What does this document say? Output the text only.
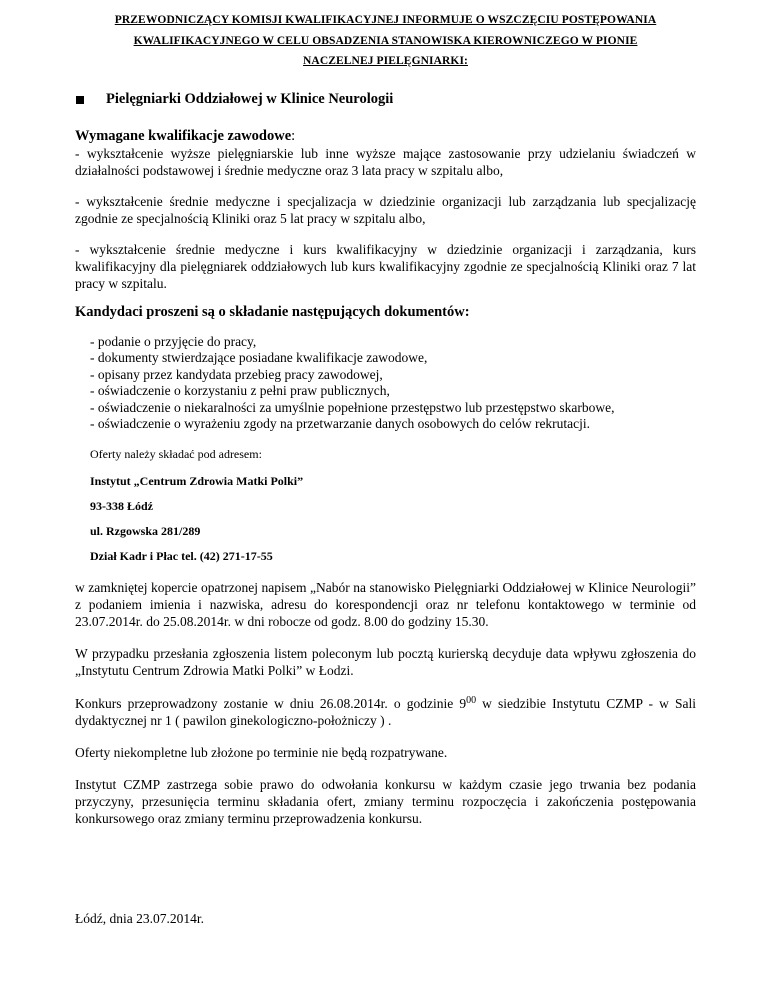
PRZEWODNICZĄCY KOMISJI KWALIFIKACYJNEJ INFORMUJE O WSZCZĘCIU POSTĘPOWANIA
KWALIFIKACYJNEGO W CELU OBSADZENIA STANOWISKA KIEROWNICZEGO W PIONIE
NACZELNEJ PIELĘGNIARKI:
Pielęgniarki Oddziałowej w Klinice Neurologii
Wymagane kwalifikacje zawodowe:
- wykształcenie wyższe pielęgniarskie lub inne wyższe mające zastosowanie przy udzielaniu świadczeń w działalności podstawowej i średnie medyczne oraz 3 lata pracy w szpitalu albo,
- wykształcenie średnie medyczne i specjalizacja w dziedzinie organizacji lub zarządzania lub specjalizację zgodnie ze specjalnością Kliniki oraz 5 lat pracy w szpitalu albo,
- wykształcenie średnie medyczne i kurs kwalifikacyjny w dziedzinie organizacji i zarządzania, kurs kwalifikacyjny dla pielęgniarek oddziałowych lub kurs kwalifikacyjny zgodnie ze specjalnością Kliniki oraz 7 lat pracy w szpitalu.
Kandydaci proszeni są o składanie następujących dokumentów:
- podanie o przyjęcie do pracy,
- dokumenty stwierdzające posiadane kwalifikacje zawodowe,
- opisany przez kandydata przebieg pracy zawodowej,
- oświadczenie o korzystaniu z pełni praw publicznych,
- oświadczenie o niekaralności za umyślnie popełnione przestępstwo lub przestępstwo skarbowe,
- oświadczenie o wyrażeniu zgody na przetwarzanie danych osobowych do celów rekrutacji.
Oferty należy składać pod adresem:
Instytut „Centrum Zdrowia Matki Polki”
93-338 Łódź
ul. Rzgowska 281/289
Dział Kadr i Płac tel. (42) 271-17-55
w zamkniętej kopercie opatrzonej napisem „Nabór na stanowisko Pielęgniarki Oddziałowej w Klinice Neurologii” z podaniem imienia i nazwiska, adresu do korespondencji oraz nr telefonu kontaktowego w terminie od 23.07.2014r. do 25.08.2014r. w dni robocze od godz. 8.00 do godziny 15.30.
W przypadku przesłania zgłoszenia listem poleconym lub pocztą kurierską decyduje data wpływu zgłoszenia do „Instytutu Centrum Zdrowia Matki Polki” w Łodzi.
Konkurs przeprowadzony zostanie w dniu 26.08.2014r. o godzinie $9^{00}$ w siedzibie Instytutu CZMP - w Sali dydaktycznej nr 1 ( pawilon ginekologiczno-położniczy ) .
Oferty niekompletne lub złożone po terminie nie będą rozpatrywane.
Instytut CZMP zastrzega sobie prawo do odwołania konkursu w każdym czasie jego trwania bez podania przyczyny, przesunięcia terminu składania ofert, zmiany terminu rozpoczęcia i zakończenia postępowania konkursowego oraz zmiany terminu przeprowadzenia konkursu.
Łódź, dnia 23.07.2014r.
